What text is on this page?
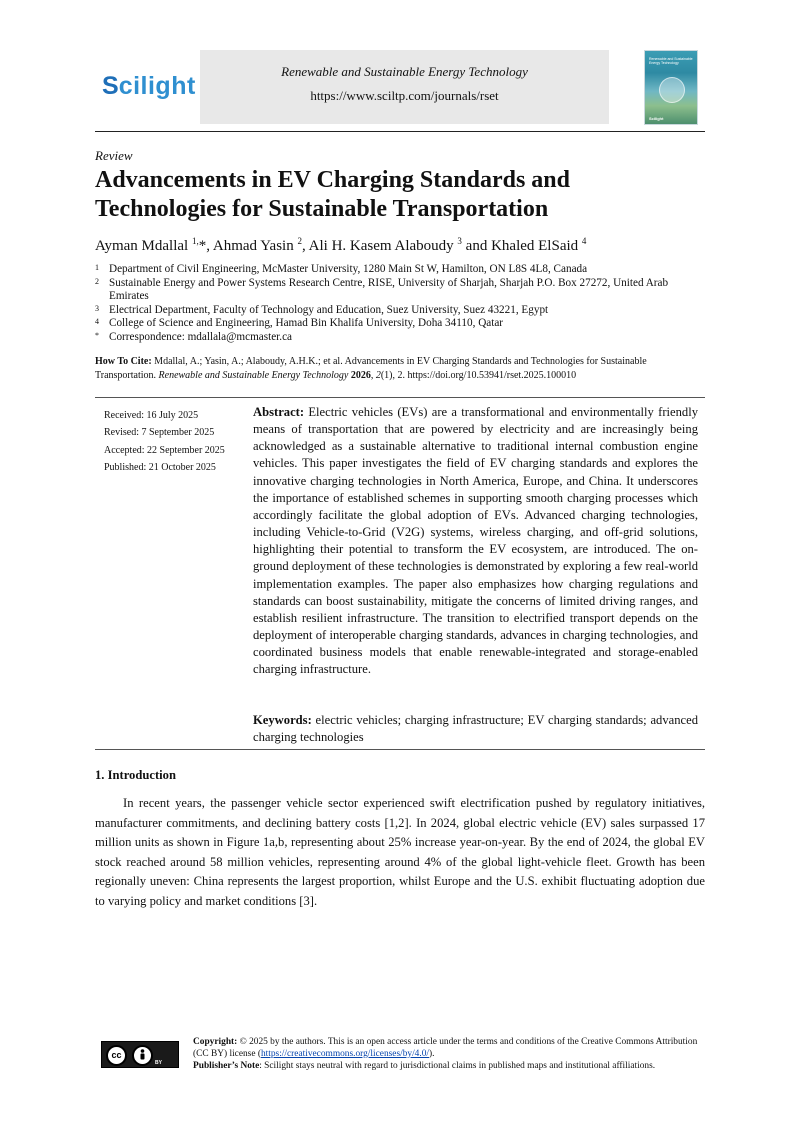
S cilight	Renewable and Sustainable Energy Technology
https://www.sciltp.com/journals/rset
Renewable and Sustainable Energy Technology
Scilight
Review
Advancements in EV Charging Standards and Technologies for Sustainable Transportation
Ayman Mdallal $^{1,}$*, Ahmad Yasin $^2$, Ali H. Kasem Alaboudy $^3$ and Khaled ElSaid $^4$
1 Department of Civil Engineering, McMaster University, 1280 Main St W, Hamilton, ON L8S 4L8, Canada
2 Sustainable Energy and Power Systems Research Centre, RISE, University of Sharjah, Sharjah P.O. Box 27272, United Arab Emirates
3 Electrical Department, Faculty of Technology and Education, Suez University, Suez 43221, Egypt
4 College of Science and Engineering, Hamad Bin Khalifa University, Doha 34110, Qatar
* Correspondence: mdallala@mcmaster.ca
How To Cite: Mdallal, A.; Yasin, A.; Alaboudy, A.H.K.; et al. Advancements in EV Charging Standards and Technologies for Sustainable Transportation. Renewable and Sustainable Energy Technology 2026, 2(1), 2. https://doi.org/10.53941/rset.2025.100010
Received: 16 July 2025
Revised: 7 September 2025
Accepted: 22 September 2025
Published: 21 October 2025
Abstract: Electric vehicles (EVs) are a transformational and environmentally friendly means of transportation that are powered by electricity and are increasingly being acknowledged as a sustainable alternative to traditional internal combustion engine vehicles. This paper investigates the field of EV charging standards and explores the innovative charging technologies in North America, Europe, and China. It underscores the importance of established schemes in supporting smooth charging processes which accordingly facilitate the global adoption of EVs. Advanced charging technologies, including Vehicle-to-Grid (V2G) systems, wireless charging, and off-grid solutions, highlighting their potential to transform the EV ecosystem, are introduced. The on-ground deployment of these technologies is demonstrated by exploring a few real-world implementation examples. The paper also emphasizes how charging regulations and standards can boost sustainability, mitigate the concerns of limited driving ranges, and establish resilient infrastructure. The transition to electrified transport depends on the deployment of interoperable charging standards, advances in charging technologies, and coordinated business models that enable renewable-integrated and storage-enabled charging infrastructure.
Keywords: electric vehicles; charging infrastructure; EV charging standards; advanced charging technologies
1. Introduction
In recent years, the passenger vehicle sector experienced swift electrification pushed by regulatory initiatives, manufacturer commitments, and declining battery costs [1,2]. In 2024, global electric vehicle (EV) sales surpassed 17 million units as shown in Figure 1a,b, representing about 25% increase year-on-year. By the end of 2024, the global EV stock reached around 58 million vehicles, representing around 4% of the global light-vehicle fleet. Growth has been regionally uneven: China represents the largest proportion, whilst Europe and the U.S. exhibit fluctuating adoption due to varying policy and market conditions [3].
cc
BY
Copyright: © 2025 by the authors. This is an open access article under the terms and conditions of the Creative Commons Attribution (CC BY) license (https://creativecommons.org/licenses/by/4.0/).
Publisher’s Note: Scilight stays neutral with regard to jurisdictional claims in published maps and institutional affiliations.
